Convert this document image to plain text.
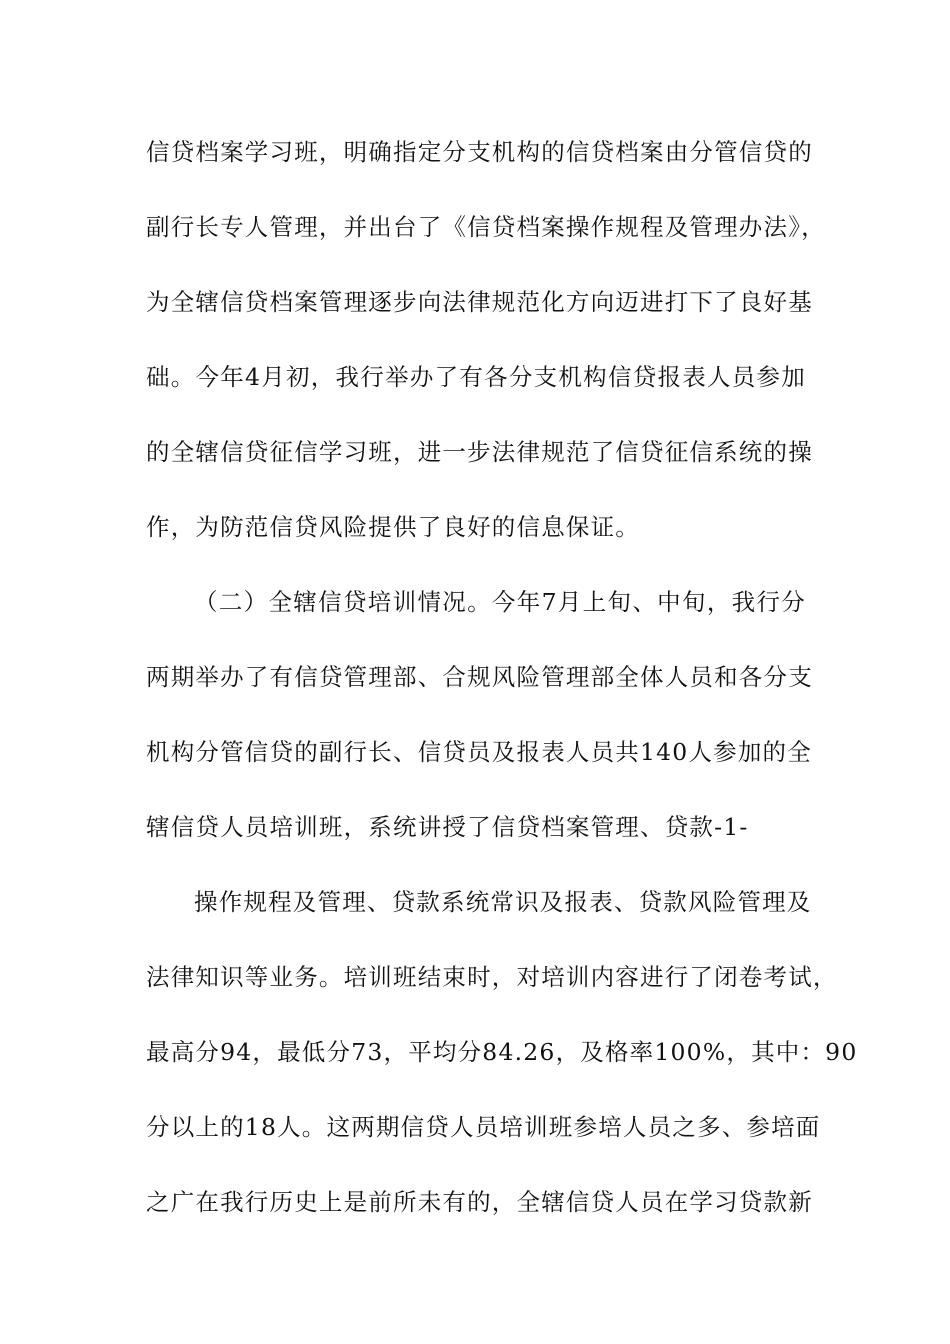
信贷档案学习班，明确指定分支机构的信贷档案由分管信贷的
副行长专人管理，并出台了《信贷档案操作规程及管理办法》，
为全辖信贷档案管理逐步向法律规范化方向迈进打下了良好基
础。今年4月初，我行举办了有各分支机构信贷报表人员参加
的全辖信贷征信学习班，进一步法律规范了信贷征信系统的操
作，为防范信贷风险提供了良好的信息保证。
（二）全辖信贷培训情况。今年7月上旬、中旬，我行分
两期举办了有信贷管理部、合规风险管理部全体人员和各分支
机构分管信贷的副行长、信贷员及报表人员共140人参加的全
辖信贷人员培训班，系统讲授了信贷档案管理、贷款-1-
操作规程及管理、贷款系统常识及报表、贷款风险管理及
法律知识等业务。培训班结束时，对培训内容进行了闭卷考试，
最高分94，最低分73，平均分84.26，及格率100%，其中：90
分以上的18人。这两期信贷人员培训班参培人员之多、参培面
之广在我行历史上是前所未有的，全辖信贷人员在学习贷款新
